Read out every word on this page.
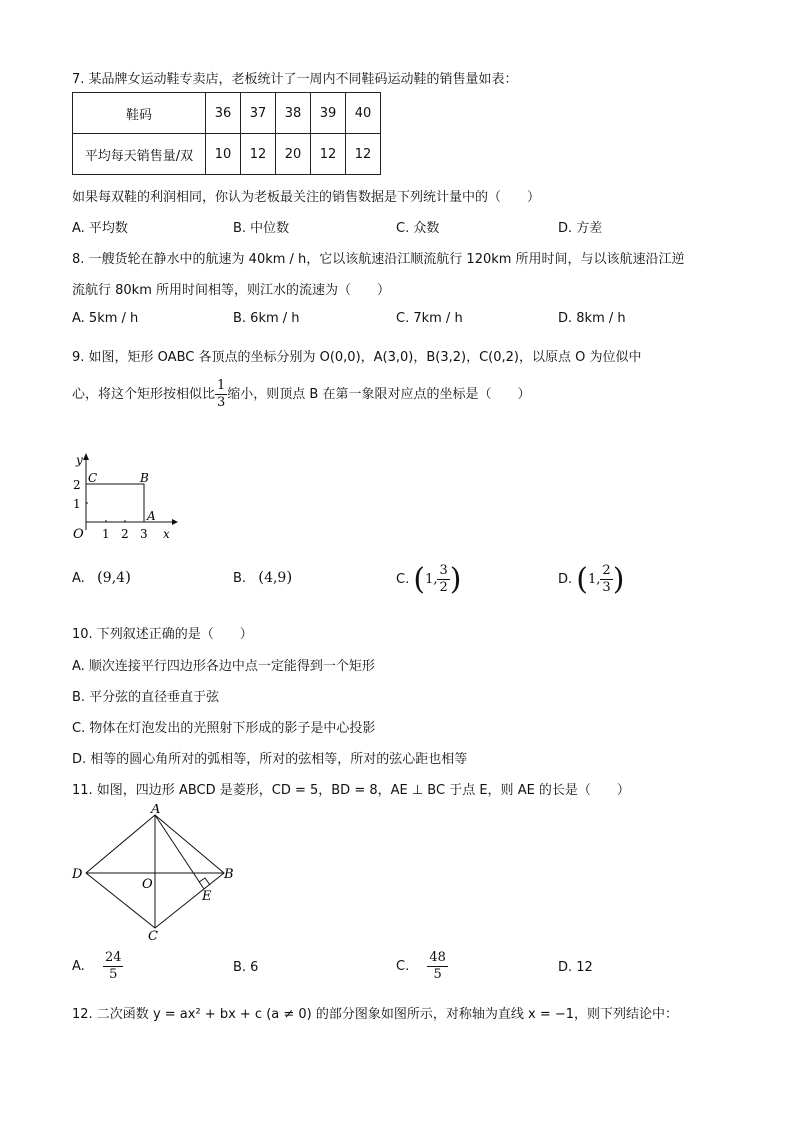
7. 某品牌女运动鞋专卖店，老板统计了一周内不同鞋码运动鞋的销售量如表：
鞋码	36	37	38	39	40
平均每天销售量/双	10	12	20	12	12
如果每双鞋的利润相同，你认为老板最关注的销售数据是下列统计量中的（　　）
A. 平均数	B. 中位数	C. 众数	D. 方差
8. 一艘货轮在静水中的航速为 40km / h，它以该航速沿江顺流航行 120km 所用时间，与以该航速沿江逆
流航行 80km 所用时间相等，则江水的流速为（　　）
A. 5km / h	B. 6km / h	C. 7km / h	D. 8km / h
9. 如图，矩形 OABC 各顶点的坐标分别为 O(0,0)，A(3,0)，B(3,2)，C(0,2)，以原点 O 为位似中
心，将这个矩形按相似比 $\frac{1}{3}$ 缩小，则顶点 B 在第一象限对应点的坐标是（　　）
y
x
O
C	B
A
2
1
1 2 3
A. (9,4)	B. (4,9)	C. (1, $\frac{3}{2}$ )	D. (1, $\frac{2}{3}$ )
10. 下列叙述正确的是（　　）
A. 顺次连接平行四边形各边中点一定能得到一个矩形
B. 平分弦的直径垂直于弦
C. 物体在灯泡发出的光照射下形成的影子是中心投影
D. 相等的圆心角所对的弧相等，所对的弦相等，所对的弦心距也相等
11. 如图，四边形 ABCD 是菱形，CD = 5，BD = 8，AE ⊥ BC 于点 E，则 AE 的长是（　　）
A
B
C
D
O
E
A. $\frac{24}{5}$	B. 6	C. $\frac{48}{5}$	D. 12
12. 二次函数 y = ax² + bx + c (a ≠ 0) 的部分图象如图所示，对称轴为直线 x = −1，则下列结论中：
